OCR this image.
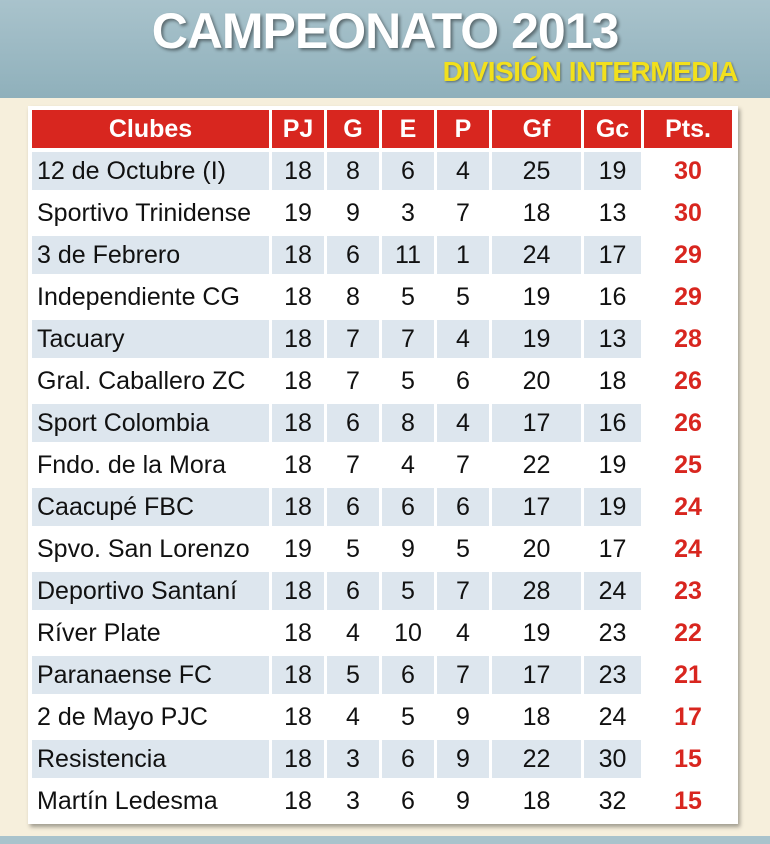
CAMPEONATO 2013
DIVISIÓN INTERMEDIA
Clubes	PJ	G	E	P	Gf	Gc	Pts.
12 de Octubre (I)	18	8	6	4	25	19	30
Sportivo Trinidense	19	9	3	7	18	13	30
3 de Febrero	18	6	11	1	24	17	29
Independiente CG	18	8	5	5	19	16	29
Tacuary	18	7	7	4	19	13	28
Gral. Caballero ZC	18	7	5	6	20	18	26
Sport Colombia	18	6	8	4	17	16	26
Fndo. de la Mora	18	7	4	7	22	19	25
Caacupé FBC	18	6	6	6	17	19	24
Spvo. San Lorenzo	19	5	9	5	20	17	24
Deportivo Santaní	18	6	5	7	28	24	23
Ríver Plate	18	4	10	4	19	23	22
Paranaense FC	18	5	6	7	17	23	21
2 de Mayo PJC	18	4	5	9	18	24	17
Resistencia	18	3	6	9	22	30	15
Martín Ledesma	18	3	6	9	18	32	15
